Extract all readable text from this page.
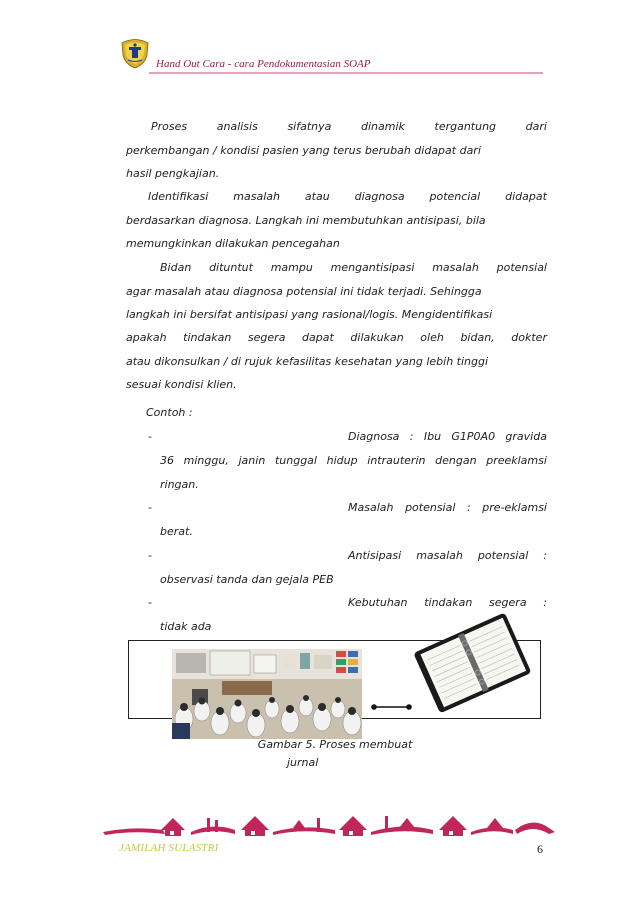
Hand Out Cara - cara Pendokumentasian SOAP
Proses	analisis	sifatnya	dinamik	tergantung	dari
perkembangan / kondisi pasien yang terus berubah didapat dari
hasil pengkajian.
Identifikasi masalah atau diagnosa potencial didapat
berdasarkan diagnosa. Langkah ini membutuhkan antisipasi, bila
memungkinkan dilakukan pencegahan
Bidan dituntut mampu mengantisipasi masalah potensial
agar masalah atau diagnosa potensial ini tidak terjadi. Sehingga
langkah ini bersifat antisipasi yang rasional/logis. Mengidentifikasi
apakah tindakan segera dapat dilakukan oleh bidan, dokter
atau dikonsulkan / di rujuk kefasilitas kesehatan yang lebih tinggi
sesuai kondisi klien.
Contoh :
-	Diagnosa : Ibu G1P0A0 gravida
36 minggu, janin tunggal hidup intrauterin dengan preeklamsi
ringan.
-	Masalah potensial : pre-eklamsi
berat.
-	Antisipasi masalah potensial :
observasi tanda dan gejala PEB
-	Kebutuhan tindakan segera :
tidak ada
Gambar 5. Proses membuat
jurnal
JAMILAH SULASTRI	6
